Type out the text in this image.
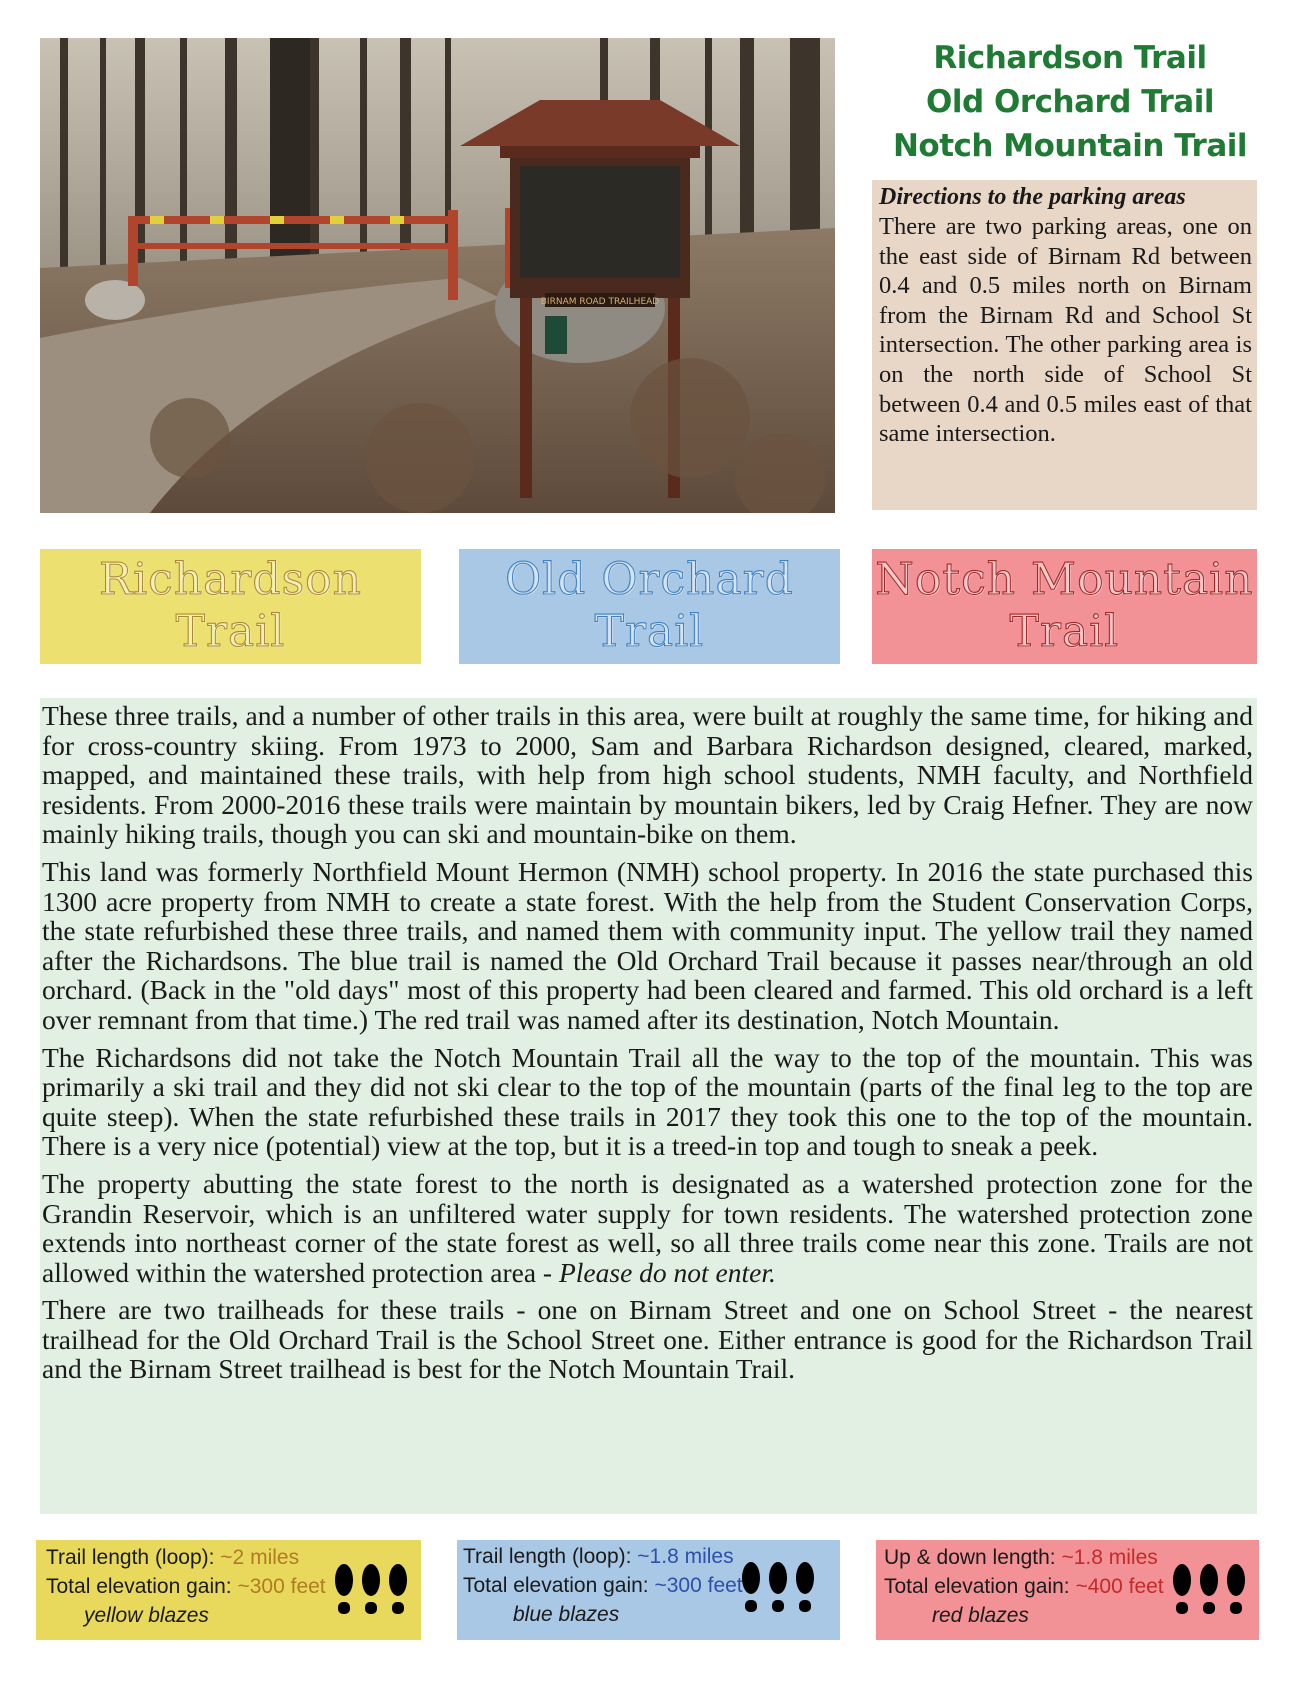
BIRNAM ROAD TRAILHEAD
Richardson Trail
Old Orchard Trail
Notch Mountain Trail
Directions to the parking areas
There are two parking areas, one on the east side of Birnam Rd between 0.4 and 0.5 miles north on Birnam from the Birnam Rd and School St intersection. The other parking area is on the north side of School St between 0.4 and 0.5 miles east of that same intersection.
Richardson
Trail
Old Orchard
Trail
Notch Mountain
Trail

These three trails, and a number of other trails in this area, were built at roughly the same time, for hiking and for cross-country skiing. From 1973 to 2000, Sam and Barbara Richardson designed, cleared, marked, mapped, and maintained these trails, with help from high school students, NMH faculty, and Northfield residents. From 2000-2016 these trails were maintain by mountain bikers, led by Craig Hefner. They are now mainly hiking trails, though you can ski and mountain-bike on them.

This land was formerly Northfield Mount Hermon (NMH) school property. In 2016 the state purchased this 1300 acre property from NMH to create a state forest. With the help from the Student Conservation Corps, the state refurbished these three trails, and named them with community input. The yellow trail they named after the Richardsons. The blue trail is named the Old Orchard Trail because it passes near/through an old orchard. (Back in the "old days" most of this property had been cleared and farmed. This old orchard is a left over remnant from that time.) The red trail was named after its destination, Notch Mountain.

The Richardsons did not take the Notch Mountain Trail all the way to the top of the mountain. This was primarily a ski trail and they did not ski clear to the top of the mountain (parts of the final leg to the top are quite steep). When the state refurbished these trails in 2017 they took this one to the top of the mountain. There is a very nice (potential) view at the top, but it is a treed-in top and tough to sneak a peek.

The property abutting the state forest to the north is designated as a watershed protection zone for the Grandin Reservoir, which is an unfiltered water supply for town residents. The watershed protection zone extends into northeast corner of the state forest as well, so all three trails come near this zone. Trails are not allowed within the watershed protection area - Please do not enter.

There are two trailheads for these trails - one on Birnam Street and one on School Street - the nearest trailhead for the Old Orchard Trail is the School Street one. Either entrance is good for the Richardson Trail and the Birnam Street trailhead is best for the Notch Mountain Trail.

Trail length (loop): ~2 miles
Total elevation gain: ~300 feet
yellow blazes
Trail length (loop): ~1.8 miles
Total elevation gain: ~300 feet
blue blazes
Up & down length: ~1.8 miles
Total elevation gain: ~400 feet
red blazes
